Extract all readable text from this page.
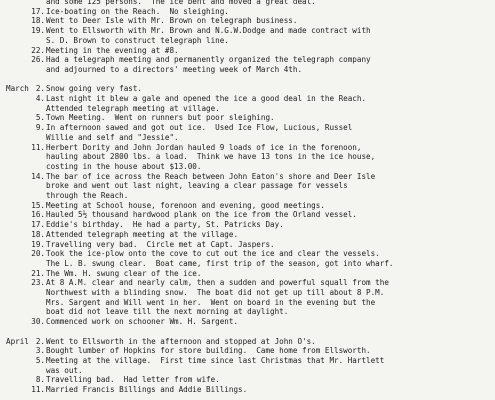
and some 125 persons.  The ice bent and moved a great deal.
17. Ice-boating on the Reach.  No sleighing.
18. Went to Deer Isle with Mr. Brown on telegraph business.
19. Went to Ellsworth with Mr. Brown and N.G.W.Dodge and made contract with
S. D. Brown to construct telegraph line.
22. Meeting in the evening at #8.
26. Had a telegraph meeting and permanently organized the telegraph company
and adjourned to a directors' meeting week of March 4th.
March 2. Snow going very fast.
4. Last night it blew a gale and opened the ice a good deal in the Reach.
Attended telegraph meeting at village.
5. Town Meeting.  Went on runners but poor sleighing.
9. In afternoon sawed and got out ice.  Used Ice Flow, Lucious, Russel
Willie and self and "Jessie".
11. Herbert Dority and John Jordan hauled 9 loads of ice in the forenoon,
hauling about 2800 lbs. a load.  Think we have 13 tons in the ice house,
costing in the house about $13.00.
14. The bar of ice across the Reach between John Eaton's shore and Deer Isle
broke and went out last night, leaving a clear passage for vessels
through the Reach.
15. Meeting at School house, forenoon and evening, good meetings.
16. Hauled 5½ thousand hardwood plank on the ice from the Orland vessel.
17. Eddie's birthday.  He had a party, St. Patricks Day.
18. Attended telegraph meeting at the village.
19. Travelling very bad.  Circle met at Capt. Jaspers.
20. Took the ice-plow onto the cove to cut out the ice and clear the vessels.
The L. B. swung clear.  Boat came, first trip of the season, got into wharf.
21. The Wm. H. swung clear of the ice.
23. At 8 A.M. clear and nearly calm, then a sudden and powerful squall from the
Northwest with a blinding snow.  The boat did not get up till about 8 P.M.
Mrs. Sargent and Will went in her.  Went on board in the evening but the
boat did not leave till the next morning at daylight.
30. Commenced work on schooner Wm. H. Sargent.
April 2. Went to Ellsworth in the afternoon and stopped at John O's.
3. Bought lumber of Hopkins for store building.  Came home from Ellsworth.
5. Meeting at the village.  First time since last Christmas that Mr. Hartlett
was out.
8. Travelling bad.  Had letter from wife.
11. Married Francis Billings and Addie Billings.
